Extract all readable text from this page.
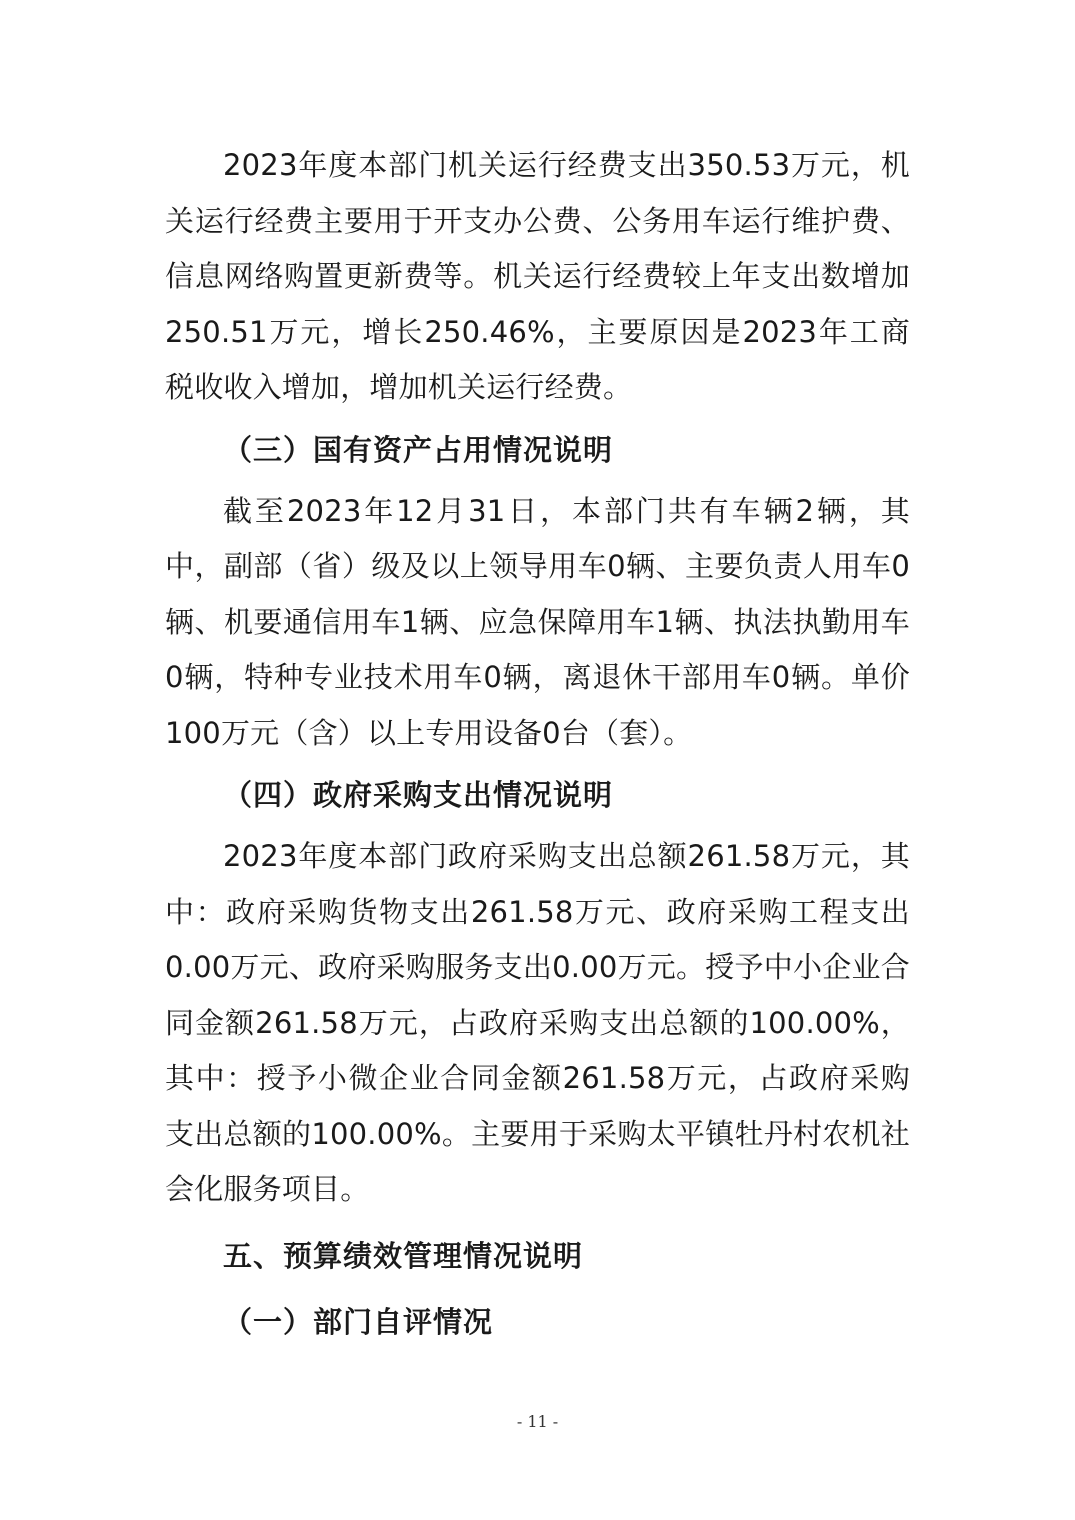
2023年度本部门机关运行经费支出350.53万元，机关运行经费主要用于开支办公费、公务用车运行维护费、信息网络购置更新费等。机关运行经费较上年支出数增加250.51万元，增长250.46%，主要原因是2023年工商税收收入增加，增加机关运行经费。

（三）国有资产占用情况说明

截至2023年12月31日，本部门共有车辆2辆，其中，副部（省）级及以上领导用车0辆、主要负责人用车0辆、机要通信用车1辆、应急保障用车1辆、执法执勤用车0辆，特种专业技术用车0辆，离退休干部用车0辆。单价100万元（含）以上专用设备0台（套）。

（四）政府采购支出情况说明

2023年度本部门政府采购支出总额261.58万元，其中：政府采购货物支出261.58万元、政府采购工程支出0.00万元、政府采购服务支出0.00万元。授予中小企业合同金额261.58万元，占政府采购支出总额的100.00%，其中：授予小微企业合同金额261.58万元，占政府采购支出总额的100.00%。主要用于采购太平镇牡丹村农机社会化服务项目。

五、预算绩效管理情况说明
（一）部门自评情况
- 11 -
